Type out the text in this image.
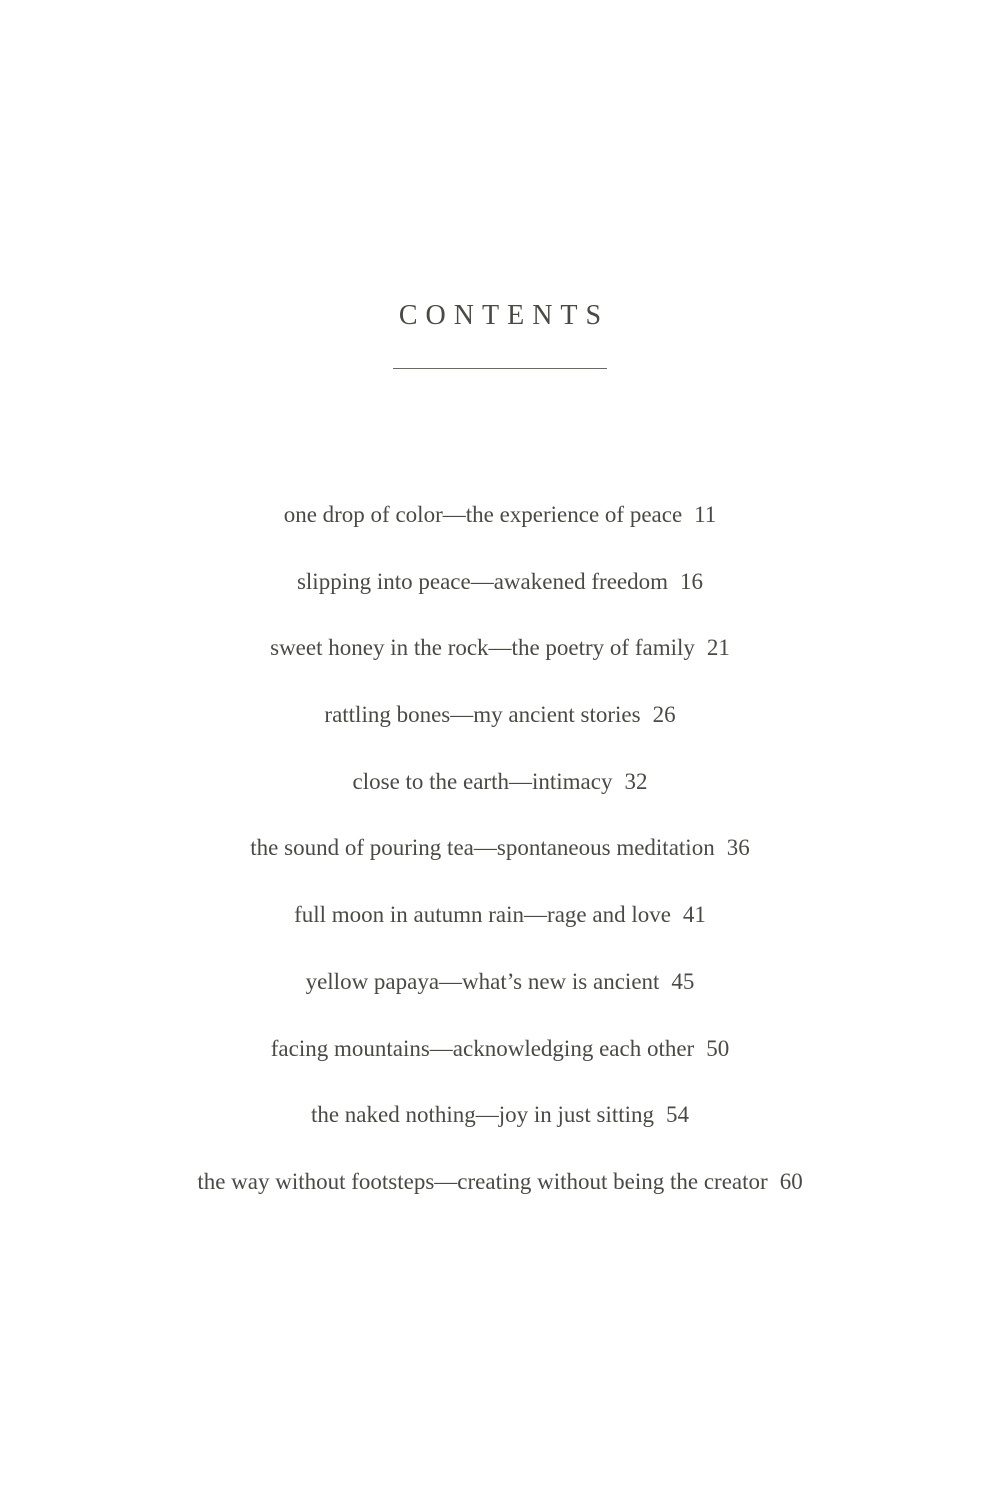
CONTENTS
one drop of color—the experience of peace 11
slipping into peace—awakened freedom 16
sweet honey in the rock—the poetry of family 21
rattling bones—my ancient stories 26
close to the earth—intimacy 32
the sound of pouring tea—spontaneous meditation 36
full moon in autumn rain—rage and love 41
yellow papaya—what’s new is ancient 45
facing mountains—acknowledging each other 50
the naked nothing—joy in just sitting 54
the way without footsteps—creating without being the creator 60
